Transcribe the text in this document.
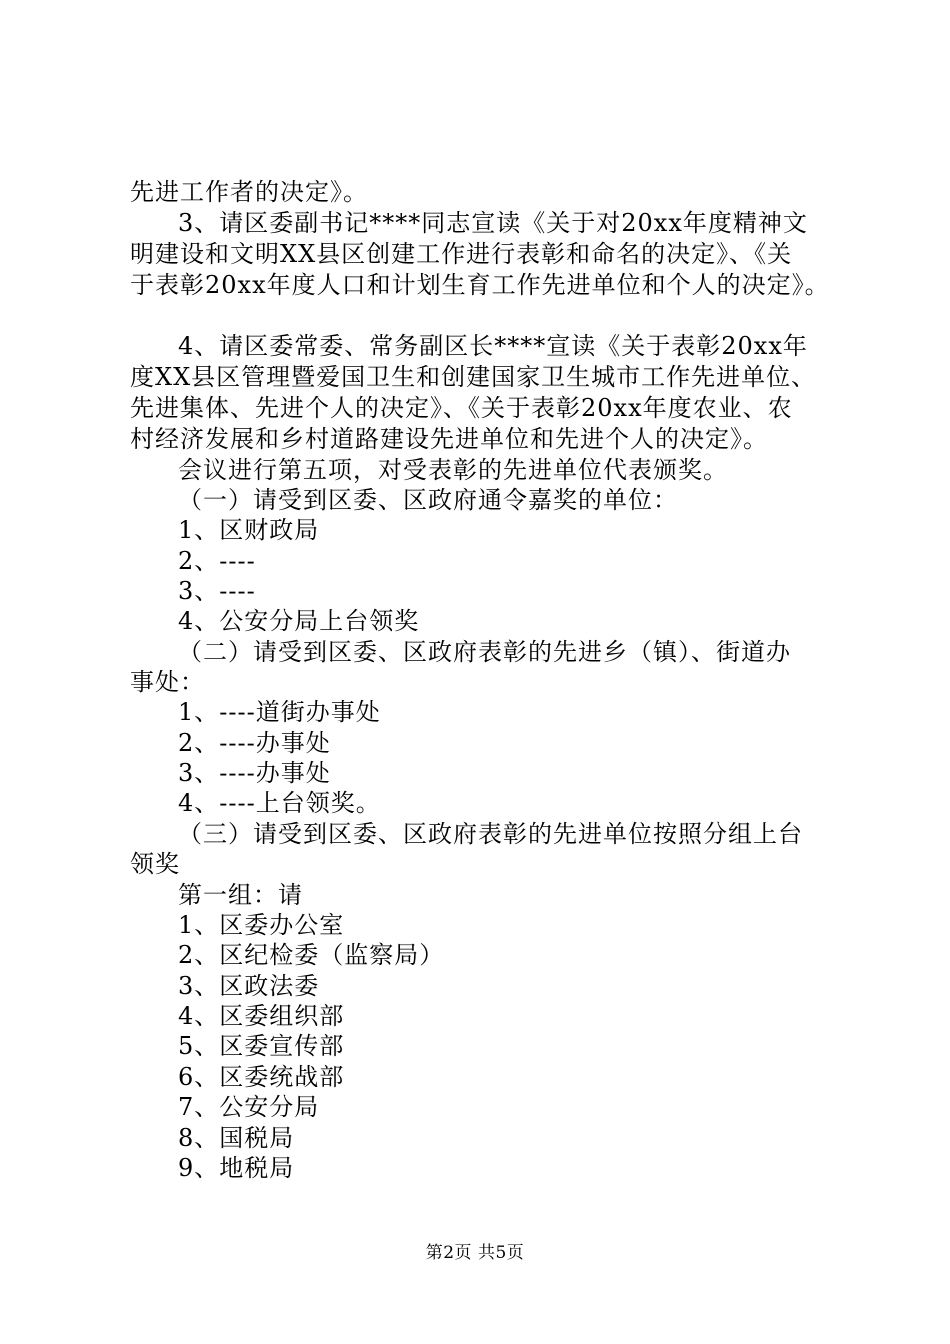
先进工作者的决定》。
3、请区委副书记****同志宣读《关于对20xx年度精神文
明建设和文明XX县区创建工作进行表彰和命名的决定》、《关
于表彰20xx年度人口和计划生育工作先进单位和个人的决定》。
4、请区委常委、常务副区长****宣读《关于表彰20xx年
度XX县区管理暨爱国卫生和创建国家卫生城市工作先进单位、
先进集体、先进个人的决定》、《关于表彰20xx年度农业、农
村经济发展和乡村道路建设先进单位和先进个人的决定》。
会议进行第五项，对受表彰的先进单位代表颁奖。
（一）请受到区委、区政府通令嘉奖的单位：
1、区财政局
2、----
3、----
4、公安分局上台领奖
（二）请受到区委、区政府表彰的先进乡（镇）、街道办
事处：
1、----道街办事处
2、----办事处
3、----办事处
4、----上台领奖。
（三）请受到区委、区政府表彰的先进单位按照分组上台
领奖
第一组：请
1、区委办公室
2、区纪检委（监察局）
3、区政法委
4、区委组织部
5、区委宣传部
6、区委统战部
7、公安分局
8、国税局
9、地税局
第2页 共5页
